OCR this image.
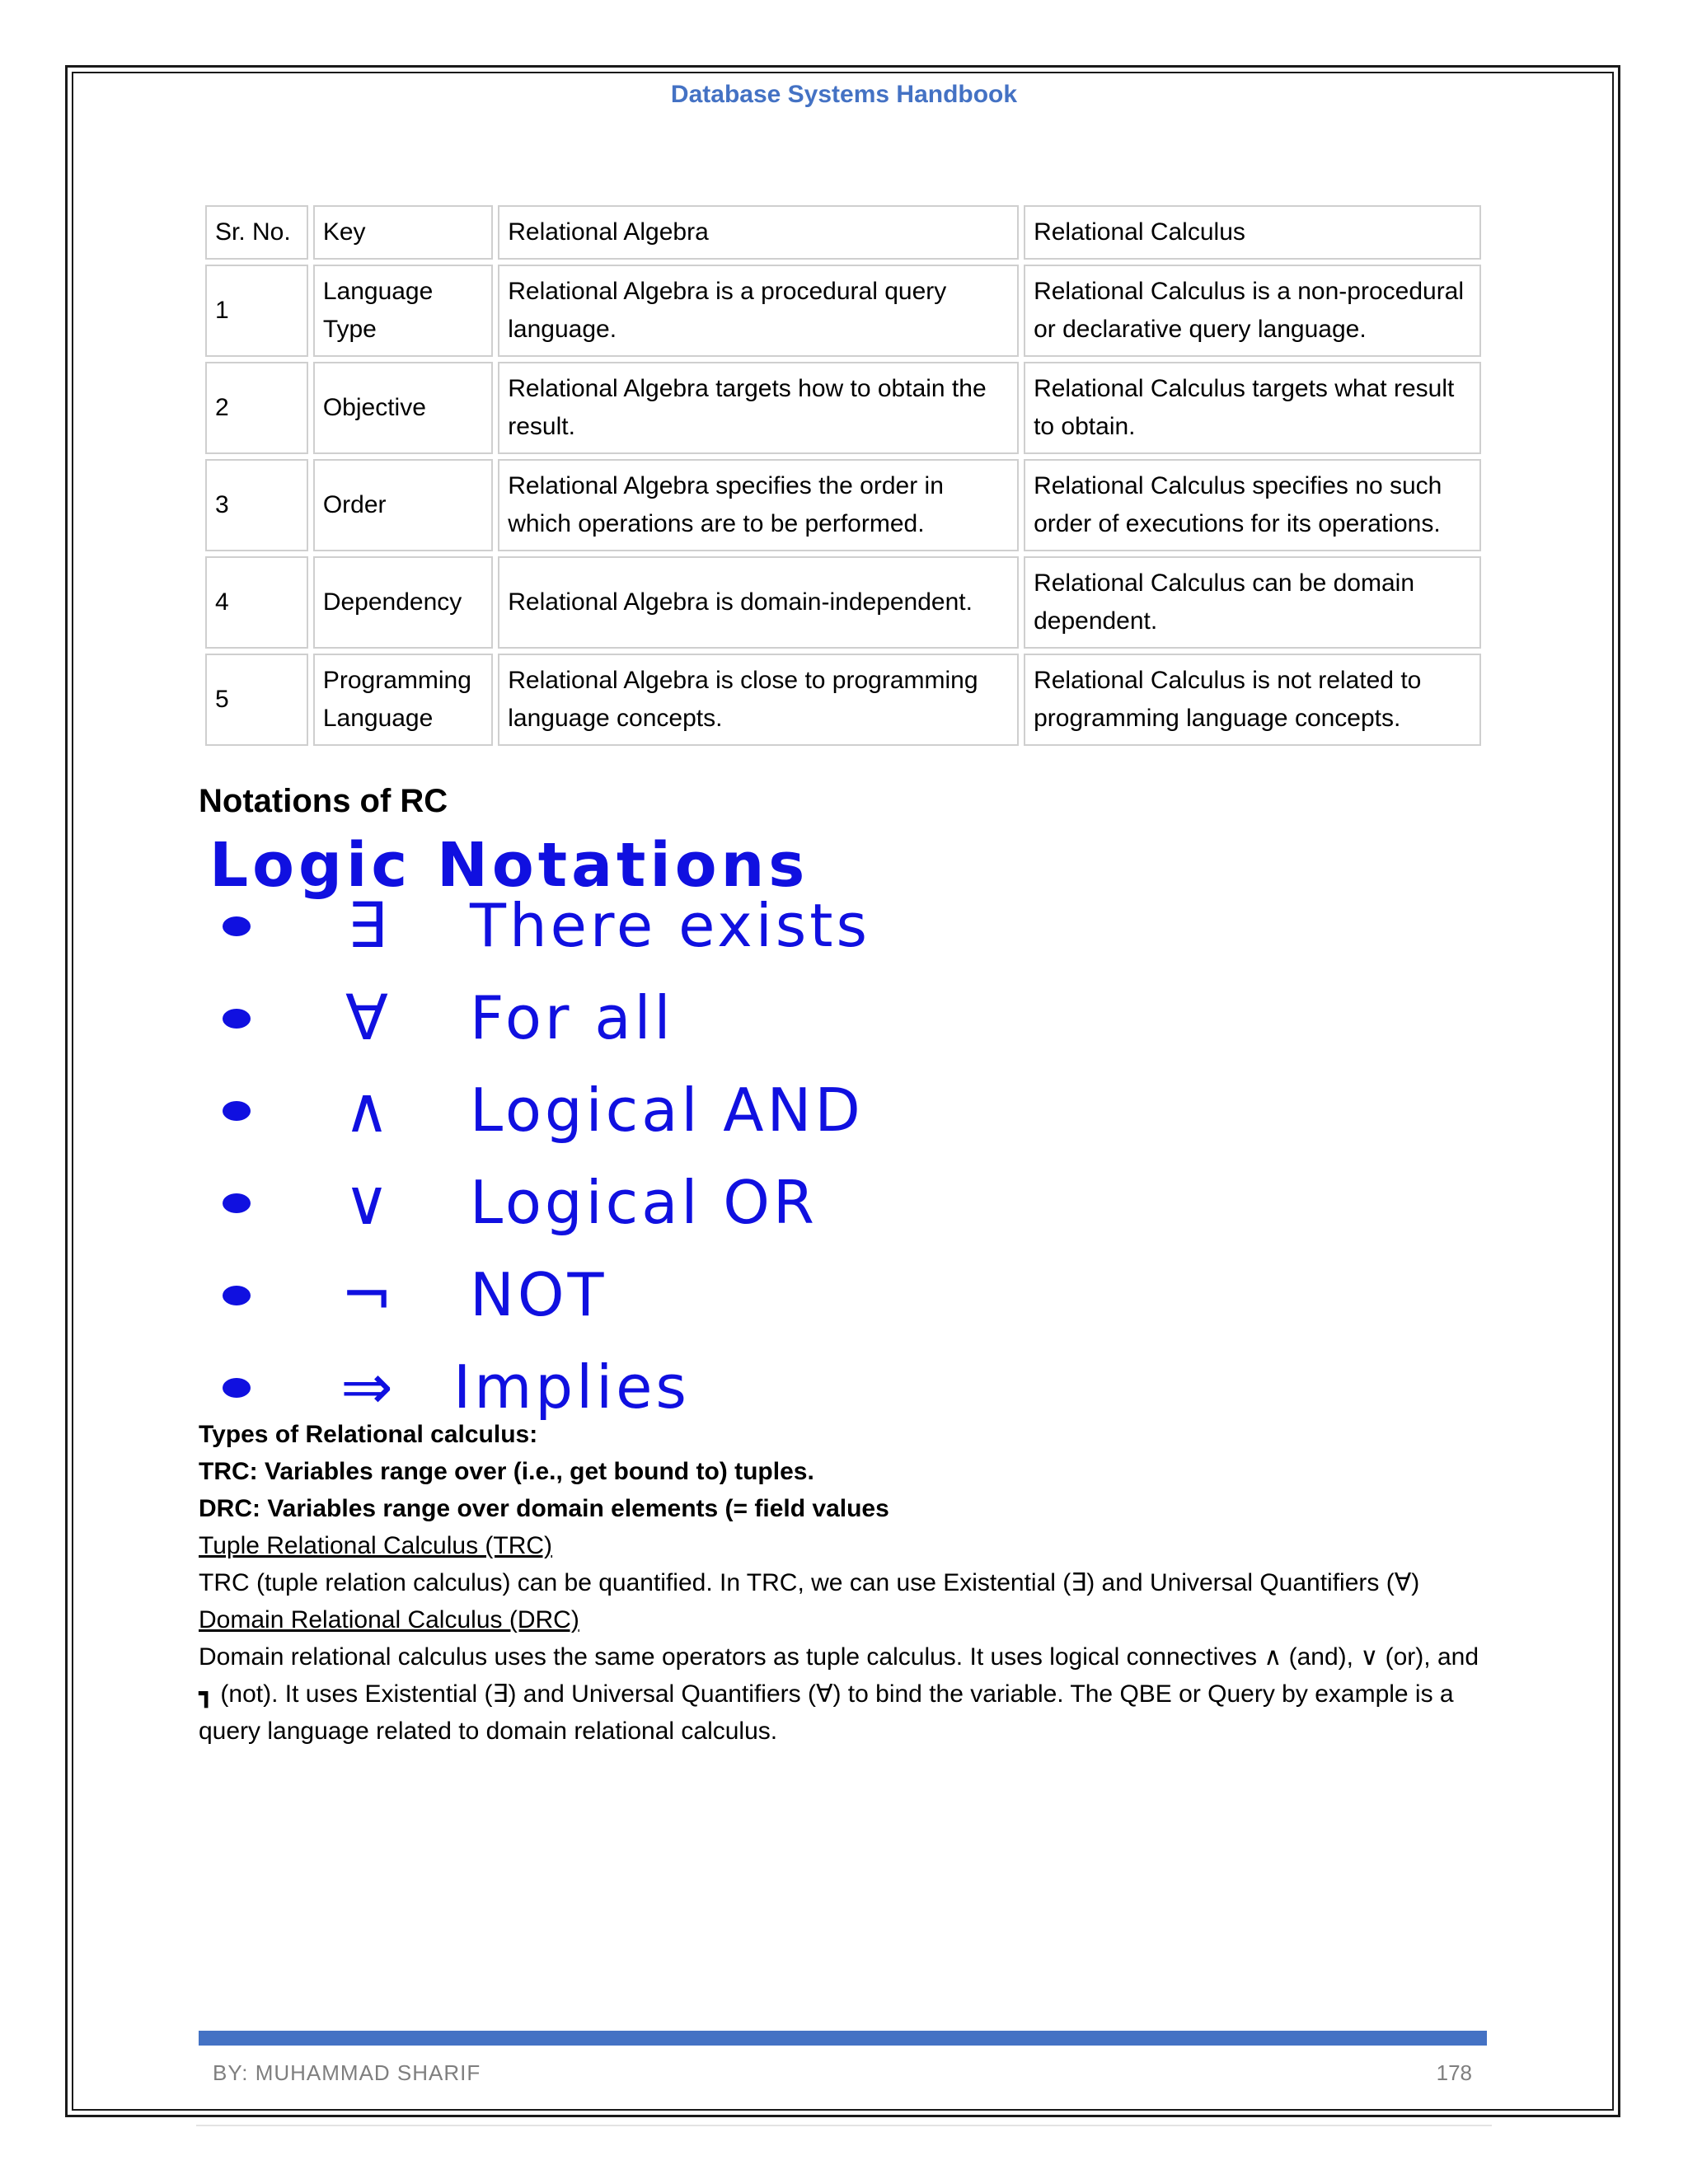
Database Systems Handbook
Sr. No.	Key	Relational Algebra	Relational Calculus
1	Language Type	Relational Algebra is a procedural query language.	Relational Calculus is a non-procedural or declarative query language.
2	Objective	Relational Algebra targets how to obtain the result.	Relational Calculus targets what result to obtain.
3	Order	Relational Algebra specifies the order in which operations are to be performed.	Relational Calculus specifies no such order of executions for its operations.
4	Dependency	Relational Algebra is domain-independent.	Relational Calculus can be domain dependent.
5	Programming Language	Relational Algebra is close to programming language concepts.	Relational Calculus is not related to programming language concepts.
Notations of RC
Logic Notations
∃	There exists
∀	For all
∧	Logical AND
∨	Logical OR
¬	NOT
⇒	Implies

Types of Relational calculus:

TRC: Variables range over (i.e., get bound to) tuples.

DRC: Variables range over domain elements (= field values

Tuple Relational Calculus (TRC)

TRC (tuple relation calculus) can be quantified. In TRC, we can use Existential (∃) and Universal Quantifiers (∀)

Domain Relational Calculus (DRC)

Domain relational calculus uses the same operators as tuple calculus. It uses logical connectives ∧ (and), ∨ (or), and

┓ (not). It uses Existential (∃) and Universal Quantifiers (∀) to bind the variable. The QBE or Query by example is a

query language related to domain relational calculus.

BY: MUHAMMAD SHARIF	178
